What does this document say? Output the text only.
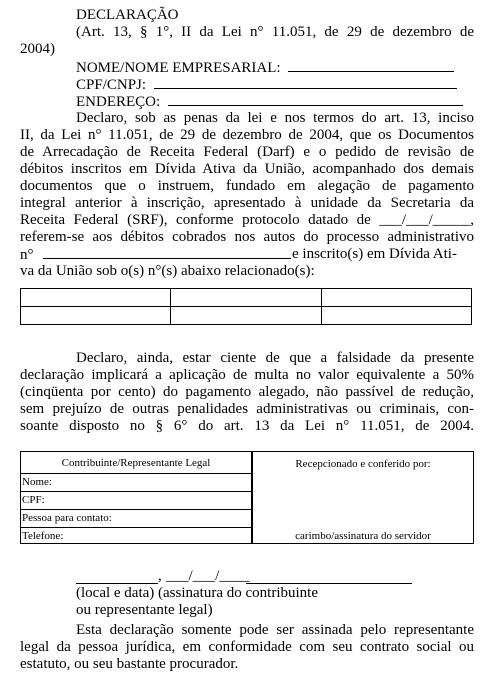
DECLARAÇÃO
(Art. 13, § 1°, II da Lei n° 11.051, de 29 de dezembro de
2004)
NOME/NOME EMPRESARIAL:
CPF/CNPJ:
ENDEREÇO:
Declaro, sob as penas da lei e nos termos do art. 13, inciso
II, da Lei n° 11.051, de 29 de dezembro de 2004, que os Documentos
de Arrecadação de Receita Federal (Darf) e o pedido de revisão de
débitos inscritos em Dívida Ativa da União, acompanhado dos demais
documentos que o instruem, fundado em alegação de pagamento
integral anterior à inscrição, apresentado à unidade da Secretaria da
Receita Federal (SRF), conforme protocolo datado de ___/___/_____,
referem-se aos débitos cobrados nos autos do processo administrativo
n°	e inscrito(s) em Dívida Ati-
va da União sob o(s) n°(s) abaixo relacionado(s):

Declaro, ainda, estar ciente de que a falsidade da presente
declaração implicará a aplicação de multa no valor equivalente a 50%
(cinqüenta por cento) do pagamento alegado, não passível de redução,
sem prejuízo de outras penalidades administrativas ou criminais, con-
soante disposto no § 6° do art. 13 da Lei n° 11.051, de 2004.
Contribuinte/Representante Legal
Nome:
CPF:
Pessoa para contato:
Telefone:
Recepcionado e conferido por:
carimbo/assinatura do servidor
, ___/___/____
(local e data) (assinatura do contribuinte
ou representante legal)
Esta declaração somente pode ser assinada pelo representante
legal da pessoa jurídica, em conformidade com seu contrato social ou
estatuto, ou seu bastante procurador.
